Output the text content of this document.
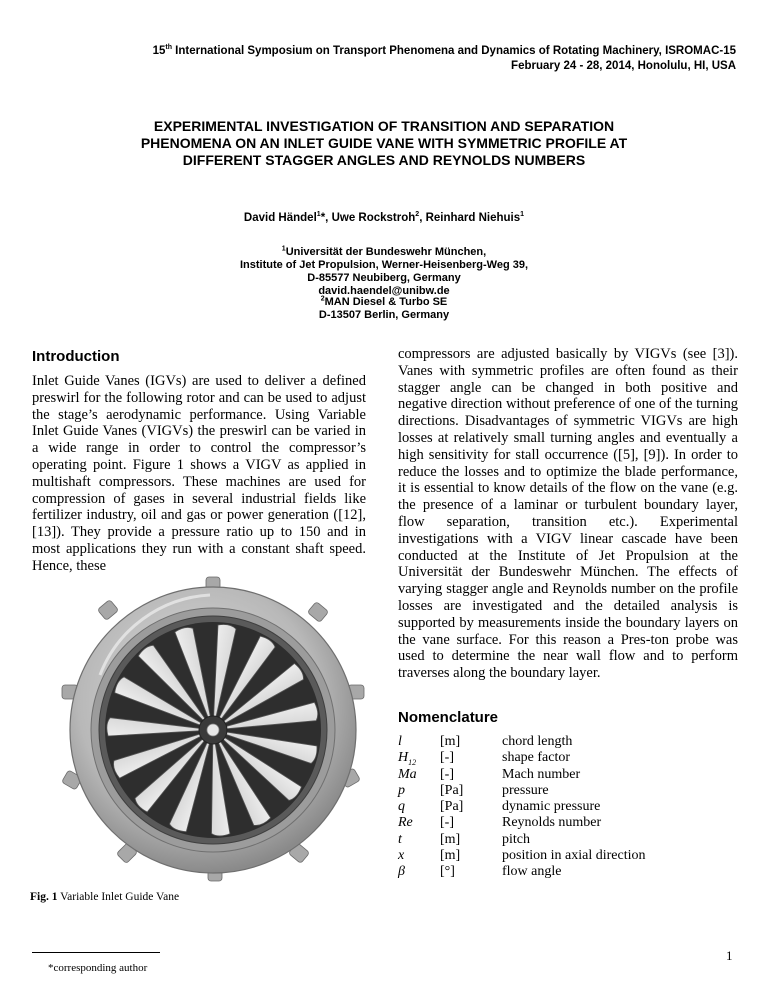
15th International Symposium on Transport Phenomena and Dynamics of Rotating Machinery, ISROMAC-15
February 24 - 28, 2014, Honolulu, HI, USA
EXPERIMENTAL INVESTIGATION OF TRANSITION AND SEPARATION
PHENOMENA ON AN INLET GUIDE VANE WITH SYMMETRIC PROFILE AT
DIFFERENT STAGGER ANGLES AND REYNOLDS NUMBERS
David Händel$^1$*, Uwe Rockstroh$^2$, Reinhard Niehuis$^1$
$^1$Universität der Bundeswehr München,
Institute of Jet Propulsion, Werner-Heisenberg-Weg 39,
D-85577 Neubiberg, Germany
david.haendel@unibw.de
$^2$MAN Diesel & Turbo SE
D-13507 Berlin, Germany
Introduction

Inlet Guide Vanes (IGVs) are used to deliver a defined preswirl for the following rotor and can be used to adjust the stage’s aerodynamic performance. Using Variable Inlet Guide Vanes (VIGVs) the preswirl can be varied in a wide range in order to control the compressor’s operating point. Figure 1 shows a VIGV as applied in multishaft compressors. These machines are used for compression of gases in several industrial fields like fertilizer industry, oil and gas or power generation ([12], [13]). They provide a pressure ratio up to 150 and in most applications they run with a constant shaft speed. Hence, these

compressors are adjusted basically by VIGVs (see [3]). Vanes with symmetric profiles are often found as their stagger angle can be changed in both positive and negative direction without preference of one of the turning directions. Disadvantages of symmetric VIGVs are high losses at relatively small turning angles and eventually a high sensitivity for stall occurrence ([5], [9]). In order to reduce the losses and to optimize the blade performance, it is essential to know details of the flow on the vane (e.g. the presence of a laminar or turbulent boundary layer, flow separation, transition etc.). Experimental investigations with a VIGV linear cascade have been conducted at the Institute of Jet Propulsion at the Universität der Bundeswehr München. The effects of varying stagger angle and Reynolds number on the profile losses are investigated and the detailed analysis is supported by measurements inside the boundary layers on the vane surface. For this reason a Pres-ton probe was used to determine the near wall flow and to perform traverses along the boundary layer.

Nomenclature
l	[m]	chord length
$H_{12}$ [-]	shape factor
Ma [-]	Mach number
p	[Pa]	pressure
q	[Pa]	dynamic pressure
Re [-]	Reynolds number
t	[m]	pitch
x	[m]	position in axial direction
β	[°]	flow angle
Fig. 1 Variable Inlet Guide Vane
*corresponding author
1
